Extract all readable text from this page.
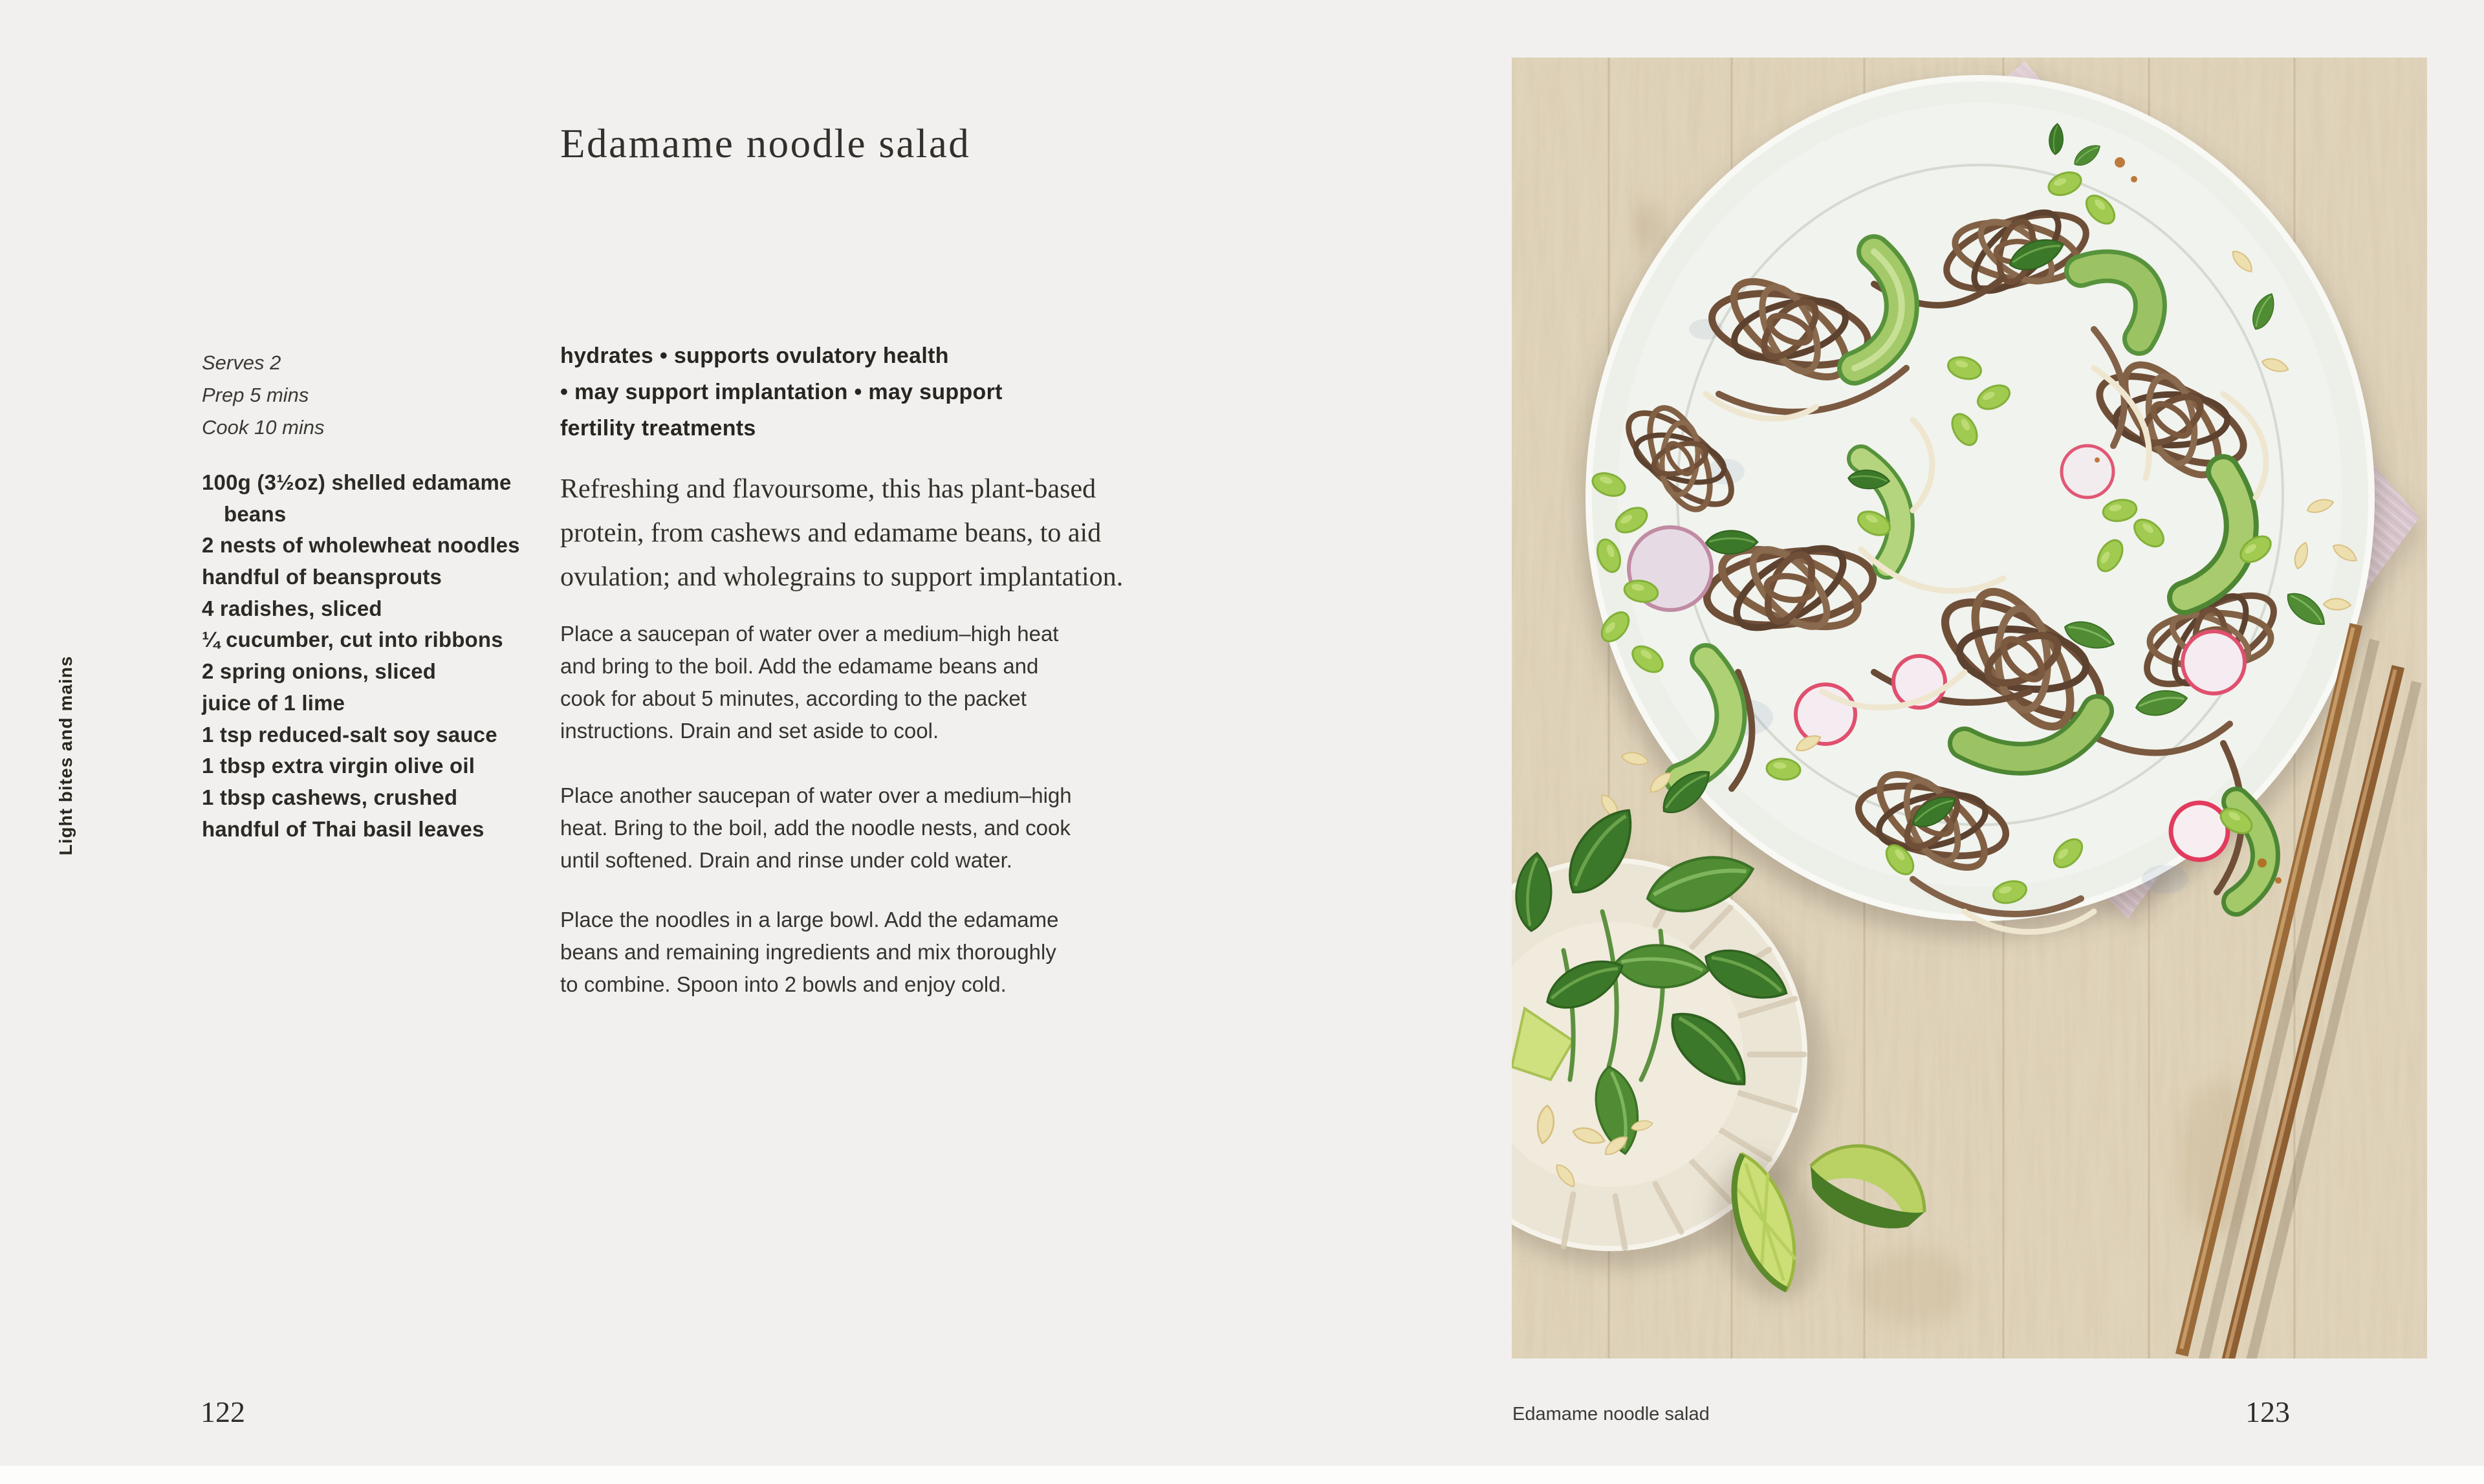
Light bites and mains
Edamame noodle salad
Serves 2
Prep 5 mins
Cook 10 mins
100g (3½oz) shelled edamame
beans
2 nests of wholewheat noodles
handful of beansprouts
4 radishes, sliced
¼ cucumber, cut into ribbons
2 spring onions, sliced
juice of 1 lime
1 tsp reduced-salt soy sauce
1 tbsp extra virgin olive oil
1 tbsp cashews, crushed
handful of Thai basil leaves
hydrates • supports ovulatory health
• may support implantation • may support
fertility treatments
Refreshing and flavoursome, this has plant-based
protein, from cashews and edamame beans, to aid
ovulation; and wholegrains to support implantation.
Place a saucepan of water over a medium–high heat
and bring to the boil. Add the edamame beans and
cook for about 5 minutes, according to the packet
instructions. Drain and set aside to cool.
Place another saucepan of water over a medium–high
heat. Bring to the boil, add the noodle nests, and cook
until softened. Drain and rinse under cold water.
Place the noodles in a large bowl. Add the edamame
beans and remaining ingredients and mix thoroughly
to combine. Spoon into 2 bowls and enjoy cold.
122	Edamame noodle salad	123
